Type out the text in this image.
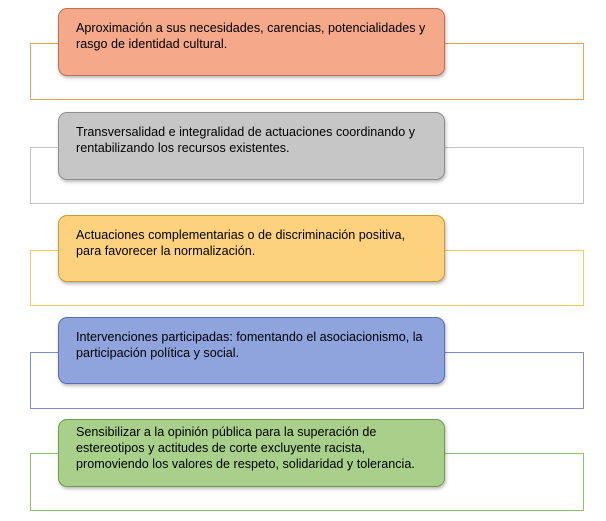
Aproximación a sus necesidades, carencias, potencialidades y rasgo de identidad cultural.
Transversalidad e integralidad de actuaciones coordinando y rentabilizando los recursos existentes.
Actuaciones complementarias o de discriminación positiva, para favorecer la normalización.
Intervenciones participadas: fomentando el asociacionismo, la participación política y social.
Sensibilizar a la opinión pública para la superación de estereotipos y actitudes de corte excluyente racista, promoviendo los valores de respeto, solidaridad y tolerancia.
